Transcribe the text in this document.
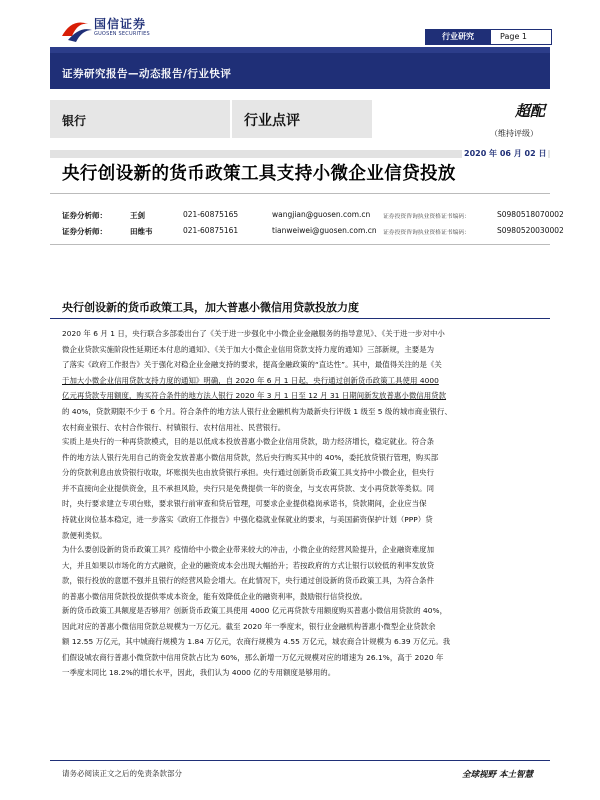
国信证券
GUOSEN SECURITIES	行业研究	Page 1
证券研究报告—动态报告/行业快评
银行	行业点评
超配
（维持评级）
2020 年 06 月 02 日
央行创设新的货币政策工具支持小微企业信贷投放
证券分析师：	王剑	021-60875165	wangjian@guosen.com.cn 证券投资咨询执业资格证书编码：	S0980518070002
证券分析师：	田维韦	021-60875161	tianweiwei@guosen.com.cn 证券投资咨询执业资格证书编码：	S0980520030002
央行创设新的货币政策工具，加大普惠小微信用贷款投放力度
2020 年 6 月 1 日，央行联合多部委出台了《关于进一步强化中小微企业金融服务的指导意见》、《关于进一步对中小
微企业贷款实施阶段性延期还本付息的通知》、《关于加大小微企业信用贷款支持力度的通知》三部新规，主要是为
了落实《政府工作报告》关于强化对稳企业金融支持的要求，提高金融政策的“直达性”。其中，最值得关注的是《关
于加大小微企业信用贷款支持力度的通知》明确，自 2020 年 6 月 1 日起，央行通过创新货币政策工具使用 4000
亿元再贷款专用额度，购买符合条件的地方法人银行 2020 年 3 月 1 日至 12 月 31 日期间新发放普惠小微信用贷款
的 40%，贷款期限不少于 6 个月。符合条件的地方法人银行业金融机构为最新央行评级 1 级至 5 级的城市商业银行、
农村商业银行、农村合作银行、村镇银行、农村信用社、民营银行。
实质上是央行的一种再贷款模式，目的是以低成本投放普惠小微企业信用贷款，助力经济增长，稳定就业。符合条
件的地方法人银行先用自己的资金发放普惠小微信用贷款，然后央行购买其中的 40%，委托放贷银行管理，购买部
分的贷款利息由放贷银行收取，坏账损失也由放贷银行承担。央行通过创新货币政策工具支持中小微企业，但央行
并不直接向企业提供资金，且不承担风险，央行只是免费提供一年的资金，与支农再贷款、支小再贷款等类似。同
时，央行要求建立专项台账，要求银行前审查和贷后管理，可要求企业提供稳岗承诺书，贷款期间，企业应当保
持就业岗位基本稳定，进一步落实《政府工作报告》中强化稳就业保就业的要求，与美国薪资保护计划（PPP）贷
款便利类似。
为什么要创设新的货币政策工具？疫情给中小微企业带来较大的冲击，小微企业的经营风险提升，企业融资难度加
大，并且如果以市场化的方式融资，企业的融资成本会出现大幅抬升；若按政府的方式让银行以较低的利率发放贷
款，银行投放的意愿不强并且银行的经营风险会增大。在此情况下，央行通过创设新的货币政策工具，为符合条件
的普惠小微信用贷款投放提供零成本资金，能有效降低企业的融资利率，鼓励银行信贷投放。
新的货币政策工具额度是否够用？创新货币政策工具使用 4000 亿元再贷款专用额度购买普惠小微信用贷款的 40%，
因此对应的普惠小微信用贷款总规模为一万亿元。截至 2020 年一季度末，银行业金融机构普惠小微型企业贷款余
额 12.55 万亿元，其中城商行规模为 1.84 万亿元，农商行规模为 4.55 万亿元，城农商合计规模为 6.39 万亿元。我
们假设城农商行普惠小微贷款中信用贷款占比为 60%，那么新增一万亿元规模对应的增速为 26.1%，高于 2020 年
一季度末同比 18.2%的增长水平，因此，我们认为 4000 亿的专用额度是够用的。
请务必阅读正文之后的免责条款部分	全球视野 本土智慧
